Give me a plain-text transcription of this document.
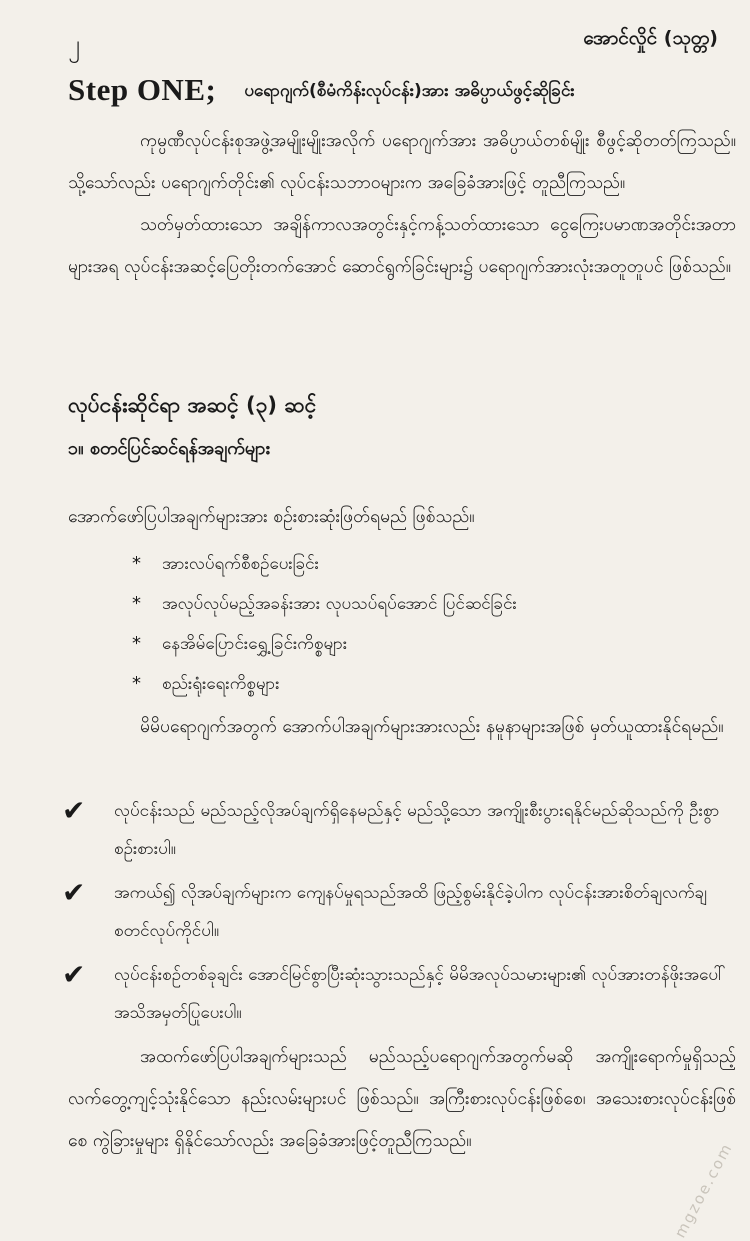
၂	အောင်လှိုင် (သုတ္တ)
Step ONE; ပရောဂျက်(စီမံကိန်းလုပ်ငန်း)အား အဓိပ္ပာယ်ဖွင့်ဆိုခြင်း

ကုမ္ပဏီလုပ်ငန်းစုအဖွဲ့အမျိုးမျိုးအလိုက် ပရောဂျက်အား အဓိပ္ပာယ်တစ်မျိုး စီဖွင့်ဆိုတတ်ကြသည်။ သို့သော်လည်း ပရောဂျက်တိုင်း၏ လုပ်ငန်းသဘာဝများက အခြေခံအားဖြင့် တူညီကြသည်။

သတ်မှတ်ထားသော အချိန်ကာလအတွင်းနှင့်ကန့်သတ်ထားသော ငွေကြေးပမာဏအတိုင်းအတာများအရ လုပ်ငန်းအဆင့်ပြေတိုးတက်အောင် ဆောင်ရွက်ခြင်းများ၌ ပရောဂျက်အားလုံးအတူတူပင် ဖြစ်သည်။

လုပ်ငန်းဆိုင်ရာ အဆင့် (၃) ဆင့်
၁။ စတင်ပြင်ဆင်ရန်အချက်များ

အောက်ဖော်ပြပါအချက်များအား စဉ်းစားဆုံးဖြတ်ရမည် ဖြစ်သည်။

* အားလပ်ရက်စီစဉ်ပေးခြင်း
* အလုပ်လုပ်မည့်အခန်းအား လုပသပ်ရပ်အောင် ပြင်ဆင်ခြင်း
* နေအိမ်ပြောင်းရွှေ့ခြင်းကိစ္စများ
* စည်းရုံးရေးကိစ္စများ

မိမိပရောဂျက်အတွက် အောက်ပါအချက်များအားလည်း နမူနာများအဖြစ် မှတ်ယူထားနိုင်ရမည်။

✔ လုပ်ငန်းသည် မည်သည့်လိုအပ်ချက်ရှိနေမည်နှင့် မည်သို့သော အကျိုးစီးပွားရနိုင်မည်ဆိုသည်ကို ဦးစွာစဉ်းစားပါ။
✔ အကယ်၍ လိုအပ်ချက်များက ကျေနပ်မှုရသည်အထိ ဖြည့်စွမ်းနိုင်ခဲ့ပါက လုပ်ငန်းအားစိတ်ချလက်ချ စတင်လုပ်ကိုင်ပါ။
✔ လုပ်ငန်းစဉ်တစ်ခုချင်း အောင်မြင်စွာပြီးဆုံးသွားသည်နှင့် မိမိအလုပ်သမားများ၏ လုပ်အားတန်ဖိုးအပေါ် အသိအမှတ်ပြုပေးပါ။

အထက်ဖော်ပြပါအချက်များသည် မည်သည့်ပရောဂျက်အတွက်မဆို အကျိုးရောက်မှုရှိသည့် လက်တွေ့ကျင့်သုံးနိုင်သော နည်းလမ်းများပင် ဖြစ်သည်။ အကြီးစားလုပ်ငန်းဖြစ်စေ၊ အသေးစားလုပ်ငန်းဖြစ်စေ ကွဲခြားမှုများ ရှိနိုင်သော်လည်း အခြေခံအားဖြင့်တူညီကြသည်။	mgzoe.com
